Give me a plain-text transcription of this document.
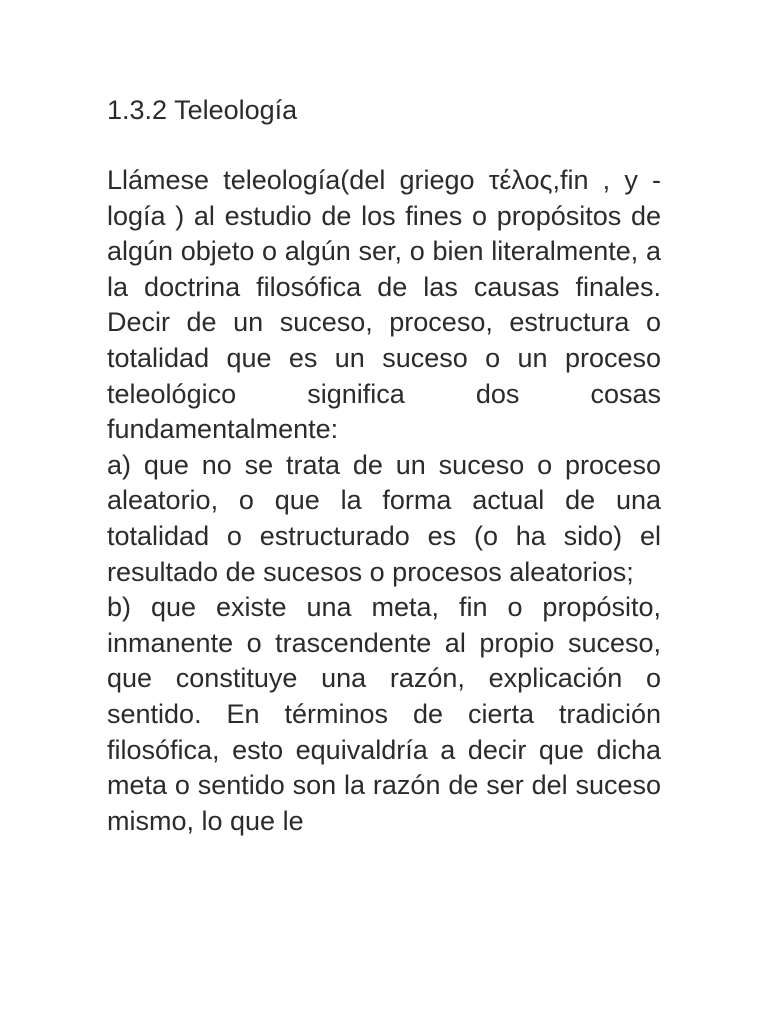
1.3.2 Teleología

Llámese teleología(del griego τέλος,fin , y -logía ) al estudio de los fines o propósitos de algún objeto o algún ser, o bien literalmente, a la doctrina filosófica de las causas finales. Decir de un suceso, proceso, estructura o totalidad que es un suceso o un proceso teleológico significa dos cosas fundamentalmente:

a) que no se trata de un suceso o proceso aleatorio, o que la forma actual de una totalidad o estructurado es (o ha sido) el resultado de sucesos o procesos aleatorios;

b) que existe una meta, fin o propósito, inmanente o trascendente al propio suceso, que constituye una razón, explicación o sentido. En términos de cierta tradición filosófica, esto equivaldría a decir que dicha meta o sentido son la razón de ser del suceso mismo, lo que le
